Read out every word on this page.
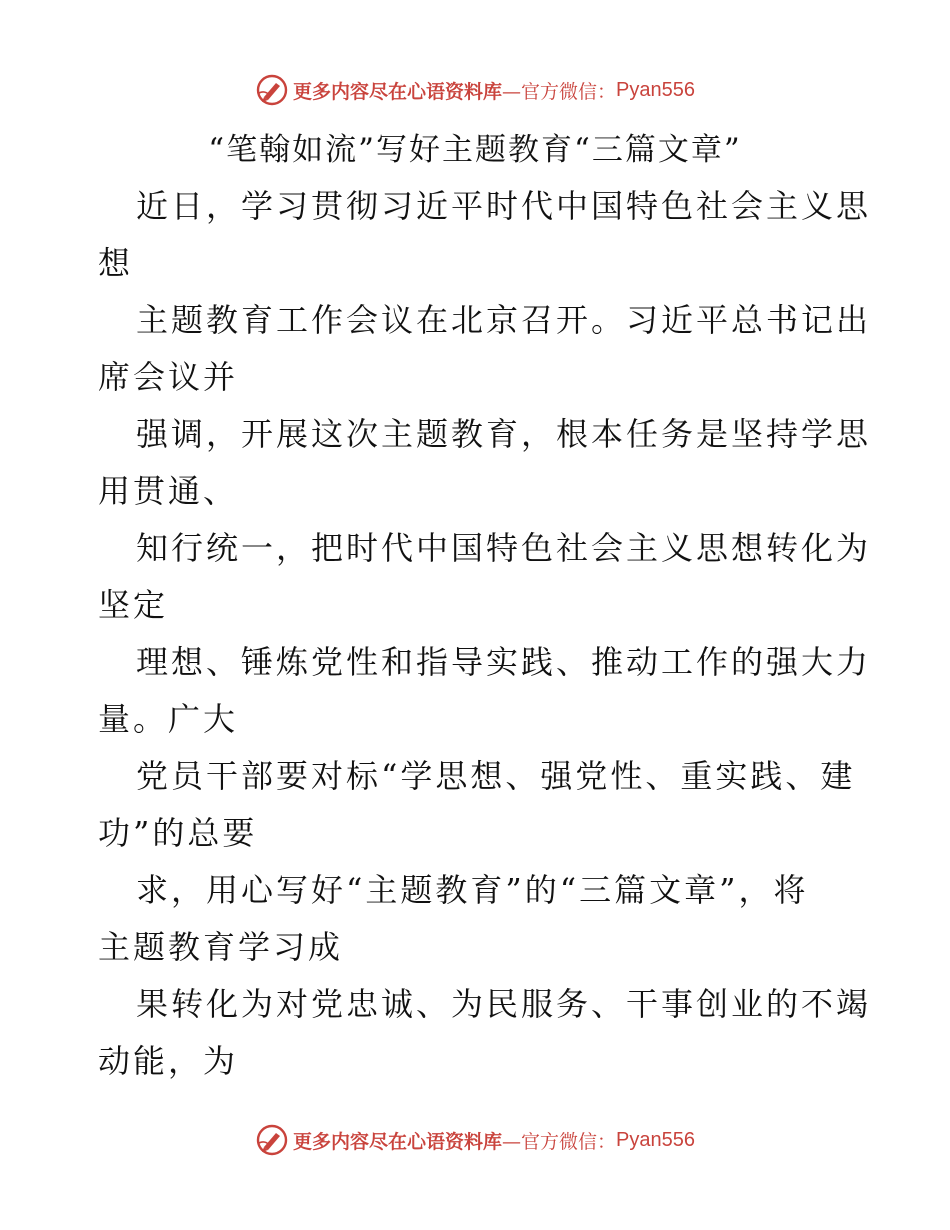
更多内容尽在心语资料库 —官方微信： Pyan556
“笔翰如流”写好主题教育“三篇文章”
近日，学习贯彻习近平时代中国特色社会主义思
想
主题教育工作会议在北京召开。习近平总书记出
席会议并
强调，开展这次主题教育，根本任务是坚持学思
用贯通、
知行统一，把时代中国特色社会主义思想转化为
坚定
理想、锤炼党性和指导实践、推动工作的强大力
量。广大
党员干部要对标“学思想、强党性、重实践、建
功”的总要
求，用心写好“主题教育”的“三篇文章”，将
主题教育学习成
果转化为对党忠诚、为民服务、干事创业的不竭
动能，为
更多内容尽在心语资料库 —官方微信： Pyan556
